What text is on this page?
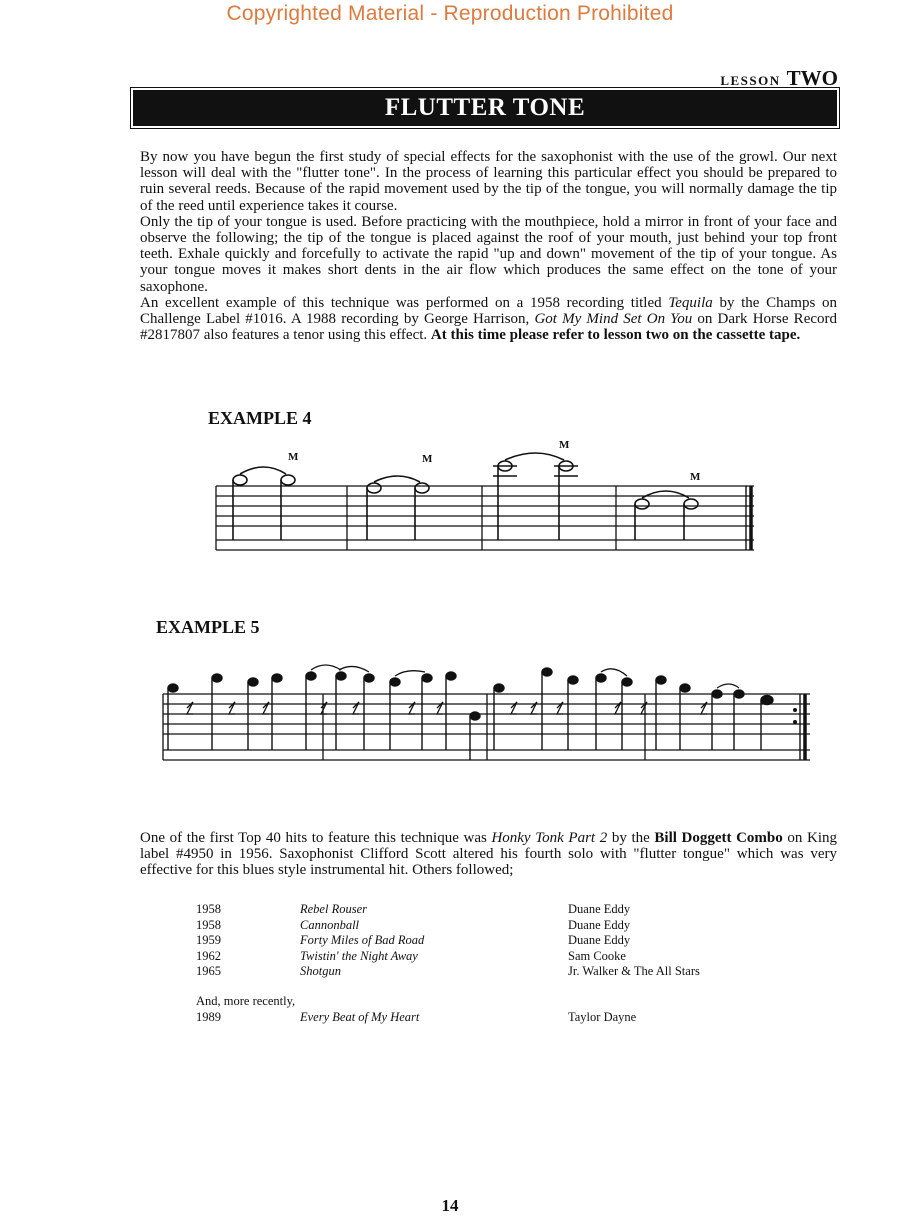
Copyrighted Material - Reproduction Prohibited
LESSON TWO
FLUTTER TONE

By now you have begun the first study of special effects for the saxophonist with the use of the growl. Our next lesson will deal with the "flutter tone". In the process of learning this particular effect you should be prepared to ruin several reeds. Because of the rapid movement used by the tip of the tongue, you will normally damage the tip of the reed until experience takes it course.

Only the tip of your tongue is used. Before practicing with the mouthpiece, hold a mirror in front of your face and observe the following; the tip of the tongue is placed against the roof of your mouth, just behind your top front teeth. Exhale quickly and forcefully to activate the rapid "up and down" movement of the tip of your tongue. As your tongue moves it makes short dents in the air flow which produces the same effect on the tone of your saxophone.

An excellent example of this technique was performed on a 1958 recording titled Tequila by the Champs on Challenge Label #1016. A 1988 recording by George Harrison, Got My Mind Set On You on Dark Horse Record #2817807 also features a tenor using this effect. At this time please refer to lesson two on the cassette tape.

EXAMPLE 4
M	M
M
M
EXAMPLE 5

One of the first Top 40 hits to feature this technique was Honky Tonk Part 2 by the Bill Doggett Combo on King label #4950 in 1956. Saxophonist Clifford Scott altered his fourth solo with "flutter tongue" which was very effective for this blues style instrumental hit. Others followed;

1958	Rebel Rouser	Duane Eddy
1958	Cannonball	Duane Eddy
1959	Forty Miles of Bad Road	Duane Eddy
1962	Twistin' the Night Away	Sam Cooke
1965	Shotgun	Jr. Walker & The All Stars
And, more recently,
1989	Every Beat of My Heart	Taylor Dayne
14
